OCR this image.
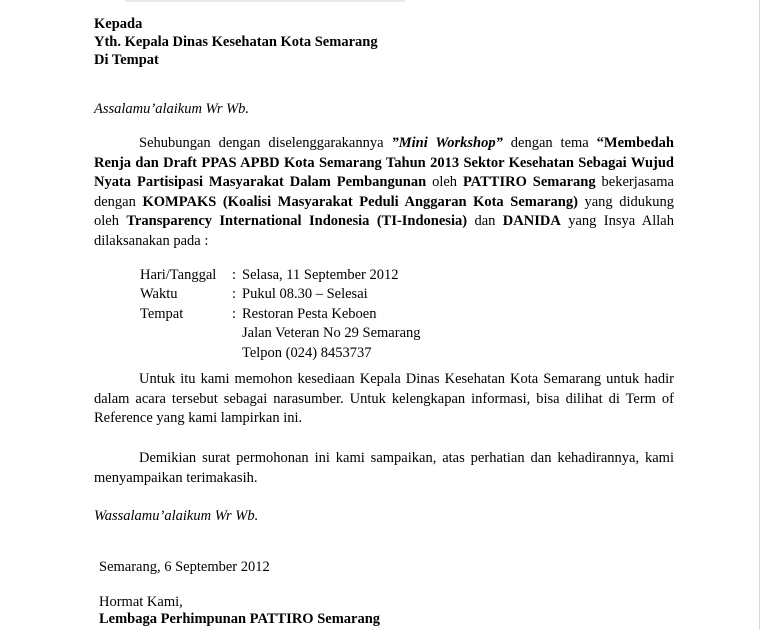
Kepada
Yth. Kepala Dinas Kesehatan Kota Semarang
Di Tempat
Assalamu’alaikum Wr Wb.

Sehubungan dengan diselenggarakannya ”Mini Workshop” dengan tema “Membedah Renja dan Draft PPAS APBD Kota Semarang Tahun 2013 Sektor Kesehatan Sebagai Wujud Nyata Partisipasi Masyarakat Dalam Pembangunan oleh PATTIRO Semarang bekerjasama dengan KOMPAKS (Koalisi Masyarakat Peduli Anggaran Kota Semarang) yang didukung oleh Transparency International Indonesia (TI-Indonesia) dan DANIDA yang Insya Allah dilaksanakan pada :

Hari/Tanggal : Selasa, 11 September 2012
Waktu	: Pukul 08.30 – Selesai
Tempat	: Restoran Pesta Keboen
Jalan Veteran No 29 Semarang
Telpon (024) 8453737

Untuk itu kami memohon kesediaan Kepala Dinas Kesehatan Kota Semarang untuk hadir dalam acara tersebut sebagai narasumber. Untuk kelengkapan informasi, bisa dilihat di Term of Reference yang kami lampirkan ini.

Demikian surat permohonan ini kami sampaikan, atas perhatian dan kehadirannya, kami menyampaikan terimakasih.

Wassalamu’alaikum Wr Wb.
Semarang, 6 September 2012
Hormat Kami,
Lembaga Perhimpunan PATTIRO Semarang
